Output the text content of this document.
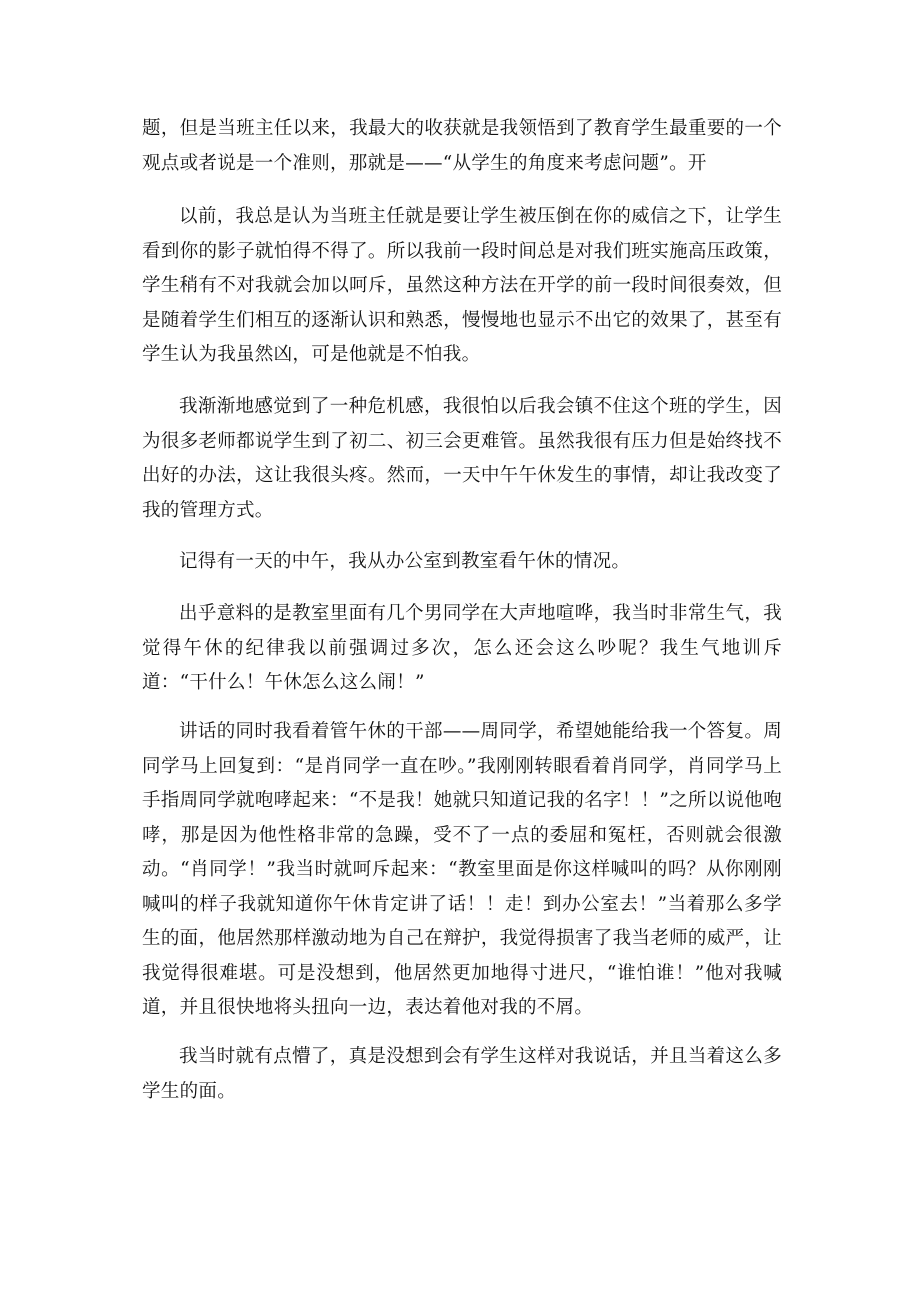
题，但是当班主任以来，我最大的收获就是我领悟到了教育学生最重要的一个观点或者说是一个准则，那就是——“从学生的角度来考虑问题”。开

以前，我总是认为当班主任就是要让学生被压倒在你的威信之下，让学生看到你的影子就怕得不得了。所以我前一段时间总是对我们班实施高压政策，学生稍有不对我就会加以呵斥，虽然这种方法在开学的前一段时间很奏效，但是随着学生们相互的逐渐认识和熟悉，慢慢地也显示不出它的效果了，甚至有学生认为我虽然凶，可是他就是不怕我。

我渐渐地感觉到了一种危机感，我很怕以后我会镇不住这个班的学生，因为很多老师都说学生到了初二、初三会更难管。虽然我很有压力但是始终找不出好的办法，这让我很头疼。然而，一天中午午休发生的事情，却让我改变了我的管理方式。

记得有一天的中午，我从办公室到教室看午休的情况。

出乎意料的是教室里面有几个男同学在大声地喧哗，我当时非常生气，我觉得午休的纪律我以前强调过多次，怎么还会这么吵呢？我生气地训斥道：“干什么！午休怎么这么闹！”

讲话的同时我看着管午休的干部——周同学，希望她能给我一个答复。周同学马上回复到：“是肖同学一直在吵。”我刚刚转眼看着肖同学，肖同学马上手指周同学就咆哮起来：“不是我！她就只知道记我的名字！！”之所以说他咆哮，那是因为他性格非常的急躁，受不了一点的委屈和冤枉，否则就会很激动。“肖同学！”我当时就呵斥起来：“教室里面是你这样喊叫的吗？从你刚刚喊叫的样子我就知道你午休肯定讲了话！！走！到办公室去！”当着那么多学生的面，他居然那样激动地为自己在辩护，我觉得损害了我当老师的威严，让我觉得很难堪。可是没想到，他居然更加地得寸进尺，“谁怕谁！”他对我喊道，并且很快地将头扭向一边，表达着他对我的不屑。

我当时就有点懵了，真是没想到会有学生这样对我说话，并且当着这么多学生的面。
